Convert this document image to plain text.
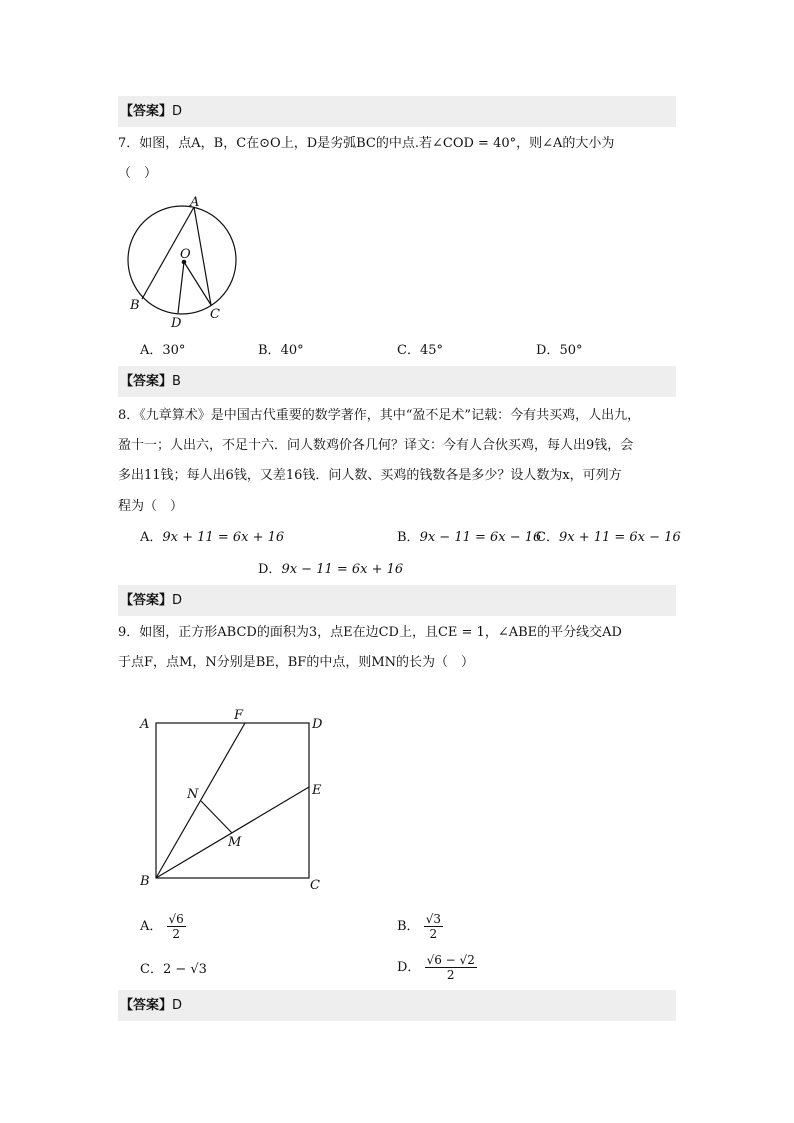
【答案】D
7．如图，点A，B，C在⊙O上，D是劣弧BC的中点.若∠COD = 40°，则∠A的大小为
（　）
A
O
B
D
C
A．30°	B．40°	C．45°	D．50°
【答案】B
8．《九章算术》是中国古代重要的数学著作，其中“盈不足术”记载：今有共买鸡，人出九，
盈十一；人出六，不足十六．问人数鸡价各几何？译文：今有人合伙买鸡，每人出9钱，会
多出11钱；每人出6钱，又差16钱．问人数、买鸡的钱数各是多少？设人数为x，可列方
程为（　）
A．9x + 11 = 6x + 16	B．9x − 11 = 6x − 16
C．9x + 11 = 6x − 16
D．9x − 11 = 6x + 16
【答案】D
9．如图，正方形ABCD的面积为3，点E在边CD上，且CE = 1，∠ABE的平分线交AD
于点F，点M，N分别是BE，BF的中点，则MN的长为（　）
A
F
D
E
N
M
B	C
A． $\frac{√6}{2}$	B． $\frac{√3}{2}$
C．2 − √3	D． $\frac{√6 - √2}{2}$
【答案】D
